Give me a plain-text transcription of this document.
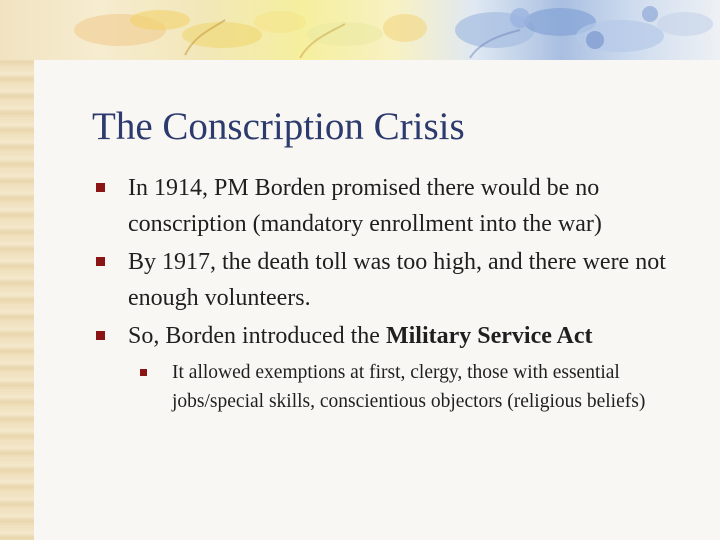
The Conscription Crisis
In 1914, PM Borden promised there would be no conscription (mandatory enrollment into the war)
By 1917, the death toll was too high, and there were not enough volunteers.
So, Borden introduced the Military Service Act
It allowed exemptions at first, clergy, those with essential jobs/special skills, conscientious objectors (religious beliefs)
